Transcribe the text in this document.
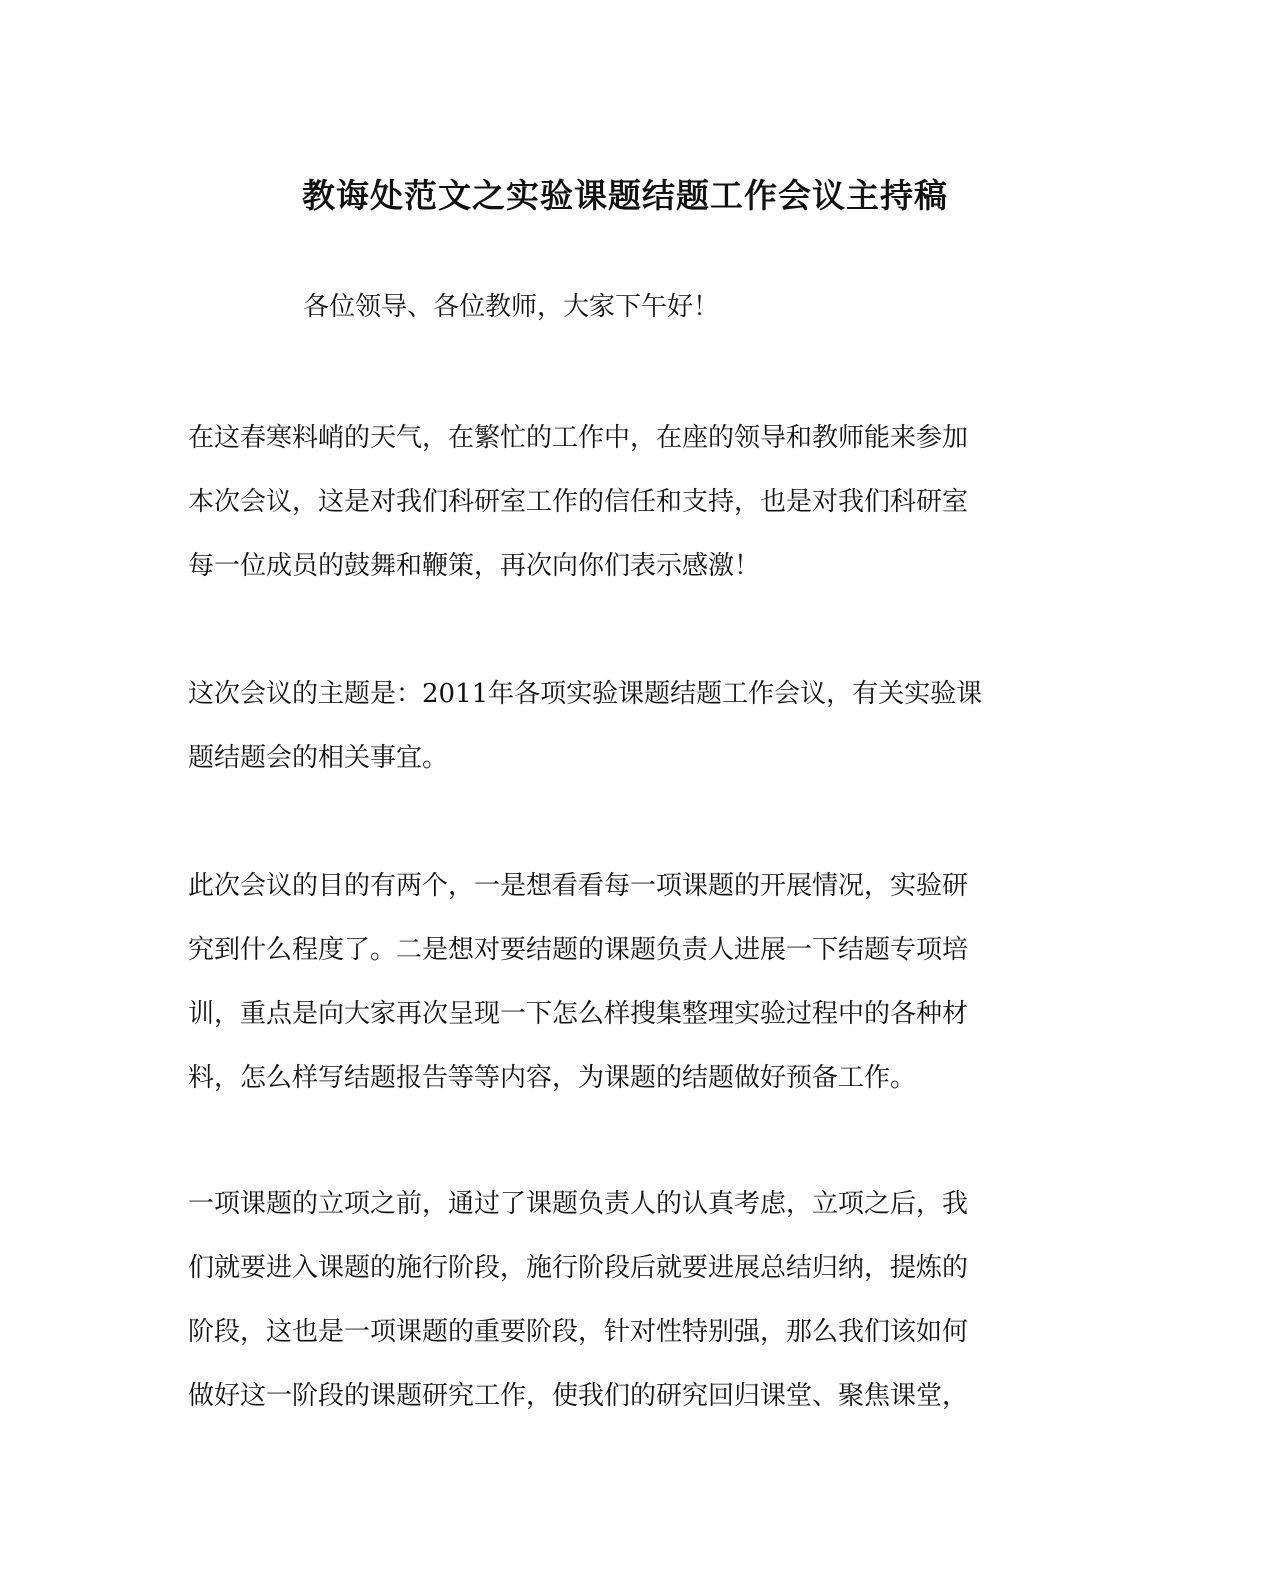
教诲处范文之实验课题结题工作会议主持稿
各位领导、各位教师，大家下午好！
在这春寒料峭的天气，在繁忙的工作中，在座的领导和教师能来参加
本次会议，这是对我们科研室工作的信任和支持，也是对我们科研室
每一位成员的鼓舞和鞭策，再次向你们表示感激！
这次会议的主题是：2011年各项实验课题结题工作会议，有关实验课
题结题会的相关事宜。
此次会议的目的有两个，一是想看看每一项课题的开展情况，实验研
究到什么程度了。二是想对要结题的课题负责人进展一下结题专项培
训，重点是向大家再次呈现一下怎么样搜集整理实验过程中的各种材
料，怎么样写结题报告等等内容，为课题的结题做好预备工作。
一项课题的立项之前，通过了课题负责人的认真考虑，立项之后，我
们就要进入课题的施行阶段，施行阶段后就要进展总结归纳，提炼的
阶段，这也是一项课题的重要阶段，针对性特别强，那么我们该如何
做好这一阶段的课题研究工作，使我们的研究回归课堂、聚焦课堂，
